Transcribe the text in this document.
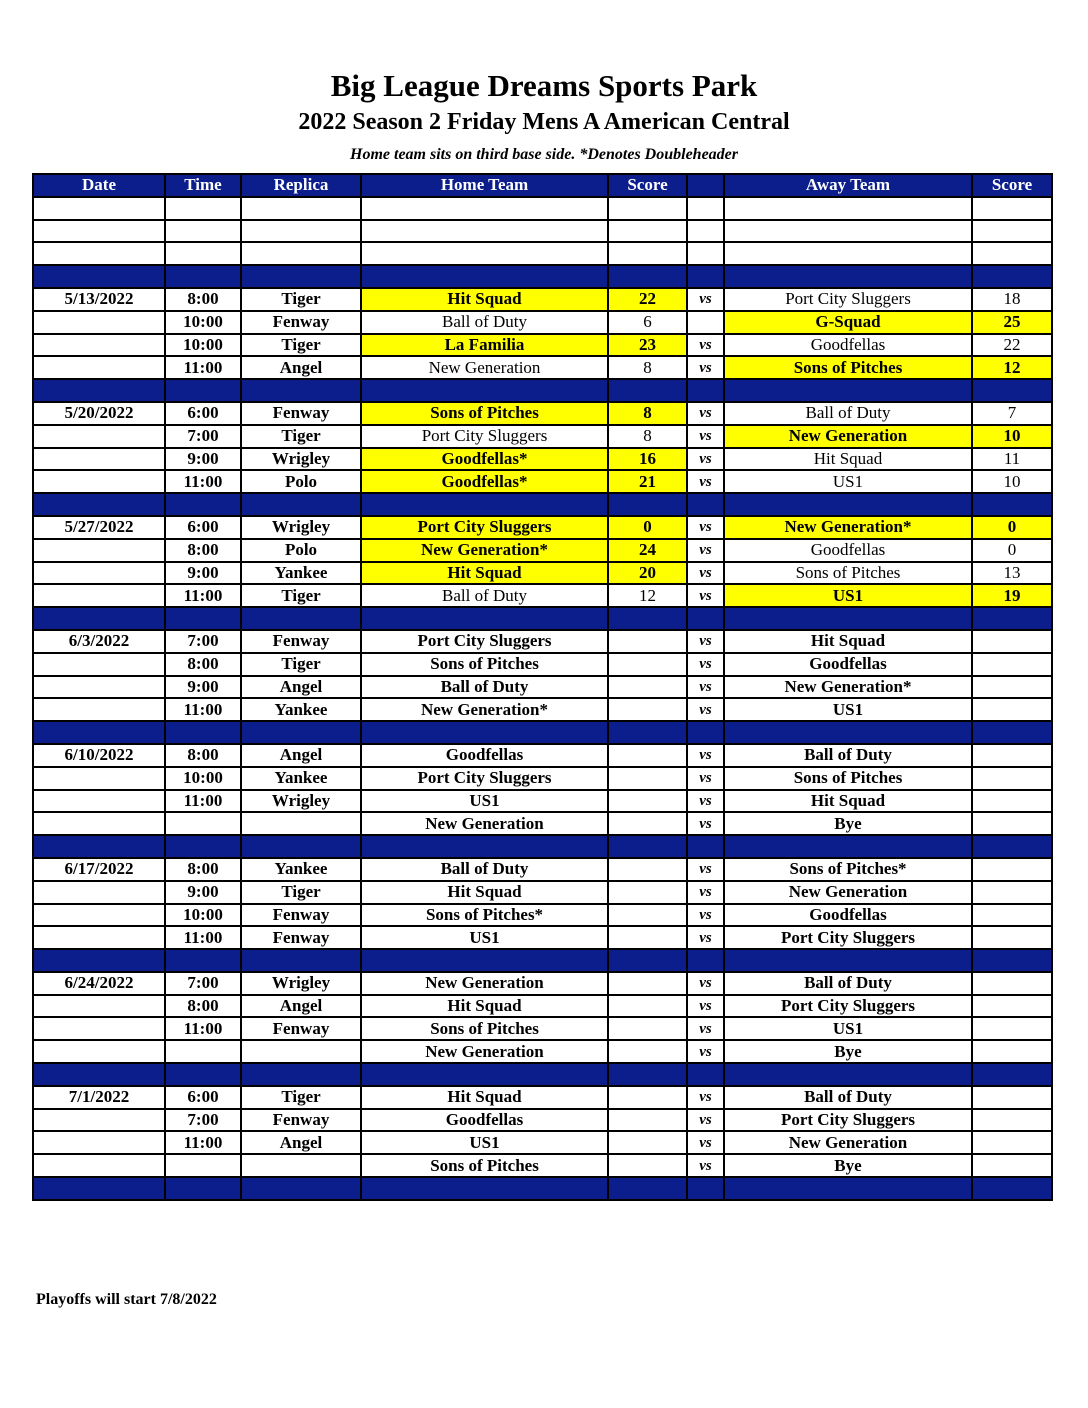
Big League Dreams Sports Park
2022 Season 2 Friday Mens A American Central
Home team sits on third base side. *Denotes Doubleheader
Date	Time	Replica	Home Team	Score		Away Team	Score

5/13/2022	8:00	Tiger	Hit Squad	22	vs	Port City Sluggers	18
	10:00	Fenway	Ball of Duty	6		G-Squad	25
	10:00	Tiger	La Familia	23	vs	Goodfellas	22
	11:00	Angel	New Generation	8	vs	Sons of Pitches	12

5/20/2022	6:00	Fenway	Sons of Pitches	8	vs	Ball of Duty	7
	7:00	Tiger	Port City Sluggers	8	vs	New Generation	10
	9:00	Wrigley	Goodfellas*	16	vs	Hit Squad	11
	11:00	Polo	Goodfellas*	21	vs	US1	10

5/27/2022	6:00	Wrigley	Port City Sluggers	0	vs	New Generation*	0
	8:00	Polo	New Generation*	24	vs	Goodfellas	0
	9:00	Yankee	Hit Squad	20	vs	Sons of Pitches	13
	11:00	Tiger	Ball of Duty	12	vs	US1	19

6/3/2022	7:00	Fenway	Port City Sluggers		vs	Hit Squad	
	8:00	Tiger	Sons of Pitches		vs	Goodfellas	
	9:00	Angel	Ball of Duty		vs	New Generation*	
	11:00	Yankee	New Generation*		vs	US1	

6/10/2022	8:00	Angel	Goodfellas		vs	Ball of Duty	
	10:00	Yankee	Port City Sluggers		vs	Sons of Pitches	
	11:00	Wrigley	US1		vs	Hit Squad	
			New Generation		vs	Bye	

6/17/2022	8:00	Yankee	Ball of Duty		vs	Sons of Pitches*	
	9:00	Tiger	Hit Squad		vs	New Generation	
	10:00	Fenway	Sons of Pitches*		vs	Goodfellas	
	11:00	Fenway	US1		vs	Port City Sluggers	

6/24/2022	7:00	Wrigley	New Generation		vs	Ball of Duty	
	8:00	Angel	Hit Squad		vs	Port City Sluggers	
	11:00	Fenway	Sons of Pitches		vs	US1	
			New Generation		vs	Bye	

7/1/2022	6:00	Tiger	Hit Squad		vs	Ball of Duty	
	7:00	Fenway	Goodfellas		vs	Port City Sluggers	
	11:00	Angel	US1		vs	New Generation	
			Sons of Pitches		vs	Bye	

Playoffs will start 7/8/2022
